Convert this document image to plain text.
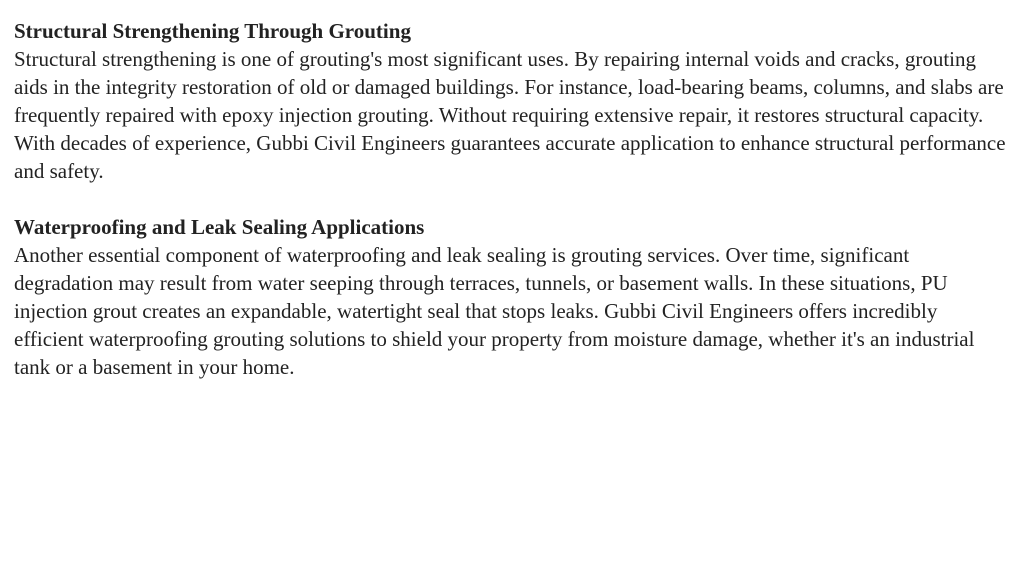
Structural Strengthening Through Grouting

Structural strengthening is one of grouting's most significant uses. By repairing internal voids and cracks, grouting aids in the integrity restoration of old or damaged buildings. For instance, load-bearing beams, columns, and slabs are frequently repaired with epoxy injection grouting. Without requiring extensive repair, it restores structural capacity. With decades of experience, Gubbi Civil Engineers guarantees accurate application to enhance structural performance and safety.

Waterproofing and Leak Sealing Applications

Another essential component of waterproofing and leak sealing is grouting services. Over time, significant degradation may result from water seeping through terraces, tunnels, or basement walls. In these situations, PU injection grout creates an expandable, watertight seal that stops leaks. Gubbi Civil Engineers offers incredibly efficient waterproofing grouting solutions to shield your property from moisture damage, whether it's an industrial tank or a basement in your home.
